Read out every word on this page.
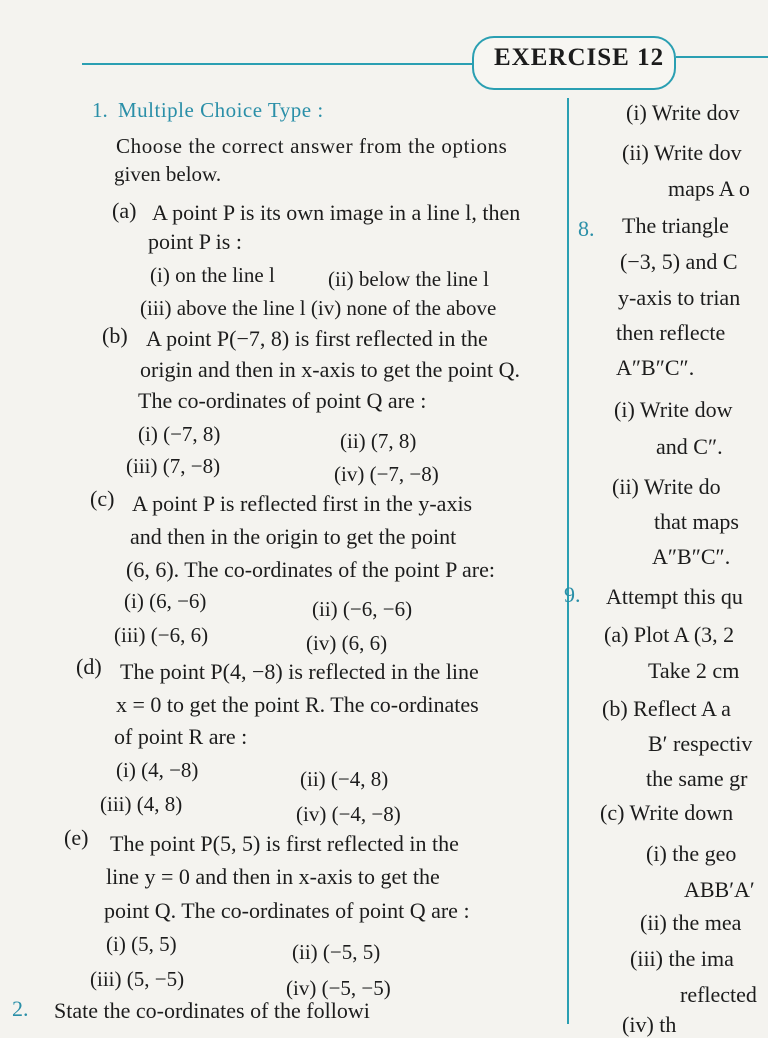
EXERCISE 12
1. Multiple Choice Type :
Choose the correct answer from the options
given below.
(a) A point P is its own image in a line l, then
point P is :
(i) on the line l	(ii) below the line l
(iii) above the line l (iv) none of the above
(b) A point P(−7, 8) is first reflected in the
origin and then in x-axis to get the point Q.
The co-ordinates of point Q are :
(i) (−7, 8)	(ii) (7, 8)
(iii) (7, −8)	(iv) (−7, −8)
(c) A point P is reflected first in the y-axis
and then in the origin to get the point
(6, 6). The co-ordinates of the point P are:
(i) (6, −6)	(ii) (−6, −6)
(iii) (−6, 6)	(iv) (6, 6)
(d) The point P(4, −8) is reflected in the line
x = 0 to get the point R. The co-ordinates
of point R are :
(i) (4, −8)	(ii) (−4, 8)
(iii) (4, 8)	(iv) (−4, −8)
(e) The point P(5, 5) is first reflected in the
line y = 0 and then in x-axis to get the
point Q. The co-ordinates of point Q are :
(i) (5, 5)	(ii) (−5, 5)
(iii) (5, −5)	(iv) (−5, −5)
2. State the co-ordinates of the followi
(i) Write dov
(ii) Write dov
maps A o
8. The triangle
(−3, 5) and C
y-axis to trian
then reflecte
A″B″C″.
(i) Write dow
and C″.
(ii) Write do
that maps
A″B″C″.
9. Attempt this qu
(a) Plot A (3, 2
Take 2 cm
(b) Reflect A a
B′ respectiv
the same gr
(c) Write down
(i) the geo
ABB′A′
(ii) the mea
(iii) the ima
reflected
(iv) th
